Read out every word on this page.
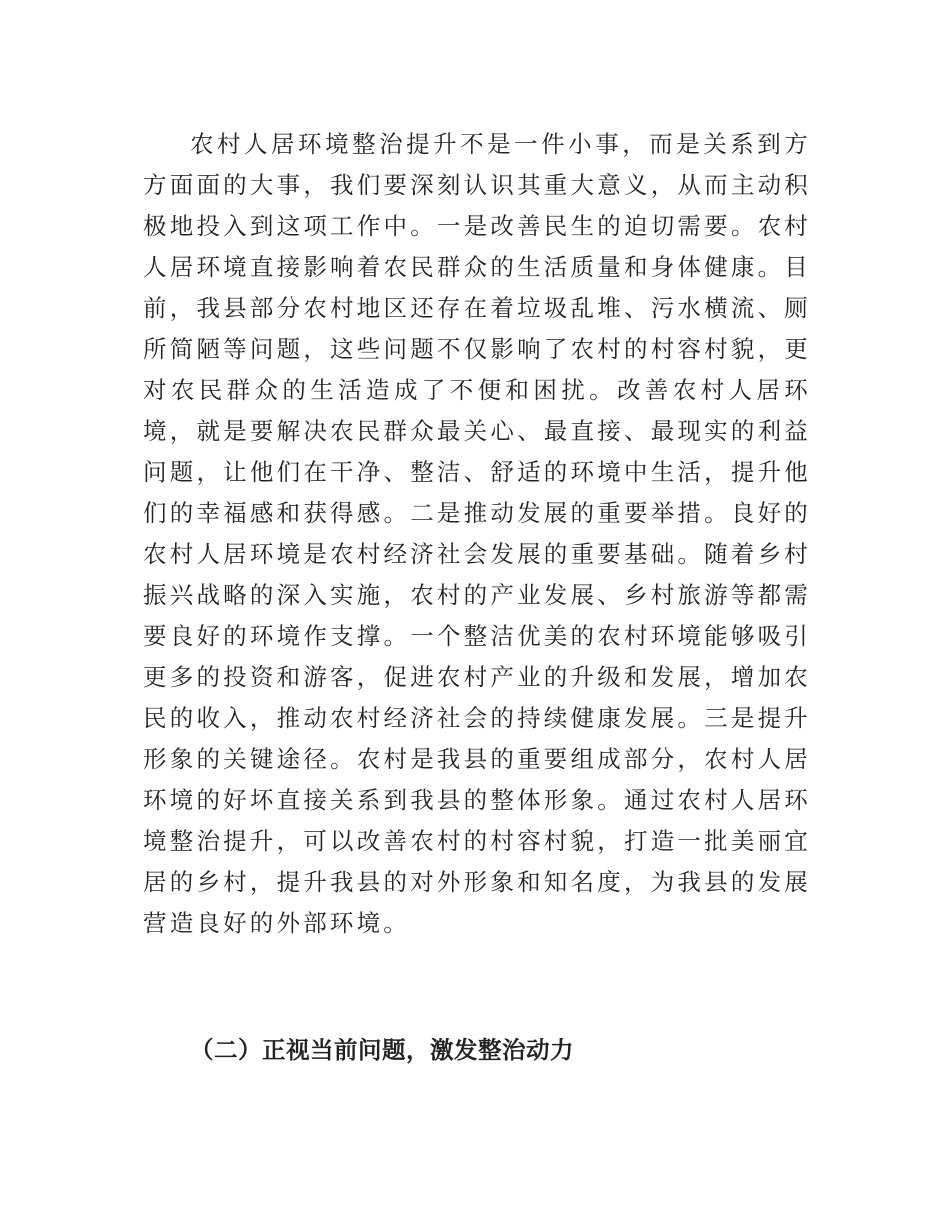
农村人居环境整治提升不是一件小事，而是关系到方方面面的大事，我们要深刻认识其重大意义，从而主动积极地投入到这项工作中。一是改善民生的迫切需要。农村人居环境直接影响着农民群众的生活质量和身体健康。目前，我县部分农村地区还存在着垃圾乱堆、污水横流、厕所简陋等问题，这些问题不仅影响了农村的村容村貌，更对农民群众的生活造成了不便和困扰。改善农村人居环境，就是要解决农民群众最关心、最直接、最现实的利益问题，让他们在干净、整洁、舒适的环境中生活，提升他们的幸福感和获得感。二是推动发展的重要举措。良好的农村人居环境是农村经济社会发展的重要基础。随着乡村振兴战略的深入实施，农村的产业发展、乡村旅游等都需要良好的环境作支撑。一个整洁优美的农村环境能够吸引更多的投资和游客，促进农村产业的升级和发展，增加农民的收入，推动农村经济社会的持续健康发展。三是提升形象的关键途径。农村是我县的重要组成部分，农村人居环境的好坏直接关系到我县的整体形象。通过农村人居环境整治提升，可以改善农村的村容村貌，打造一批美丽宜居的乡村，提升我县的对外形象和知名度，为我县的发展营造良好的外部环境。

（二）正视当前问题，激发整治动力
